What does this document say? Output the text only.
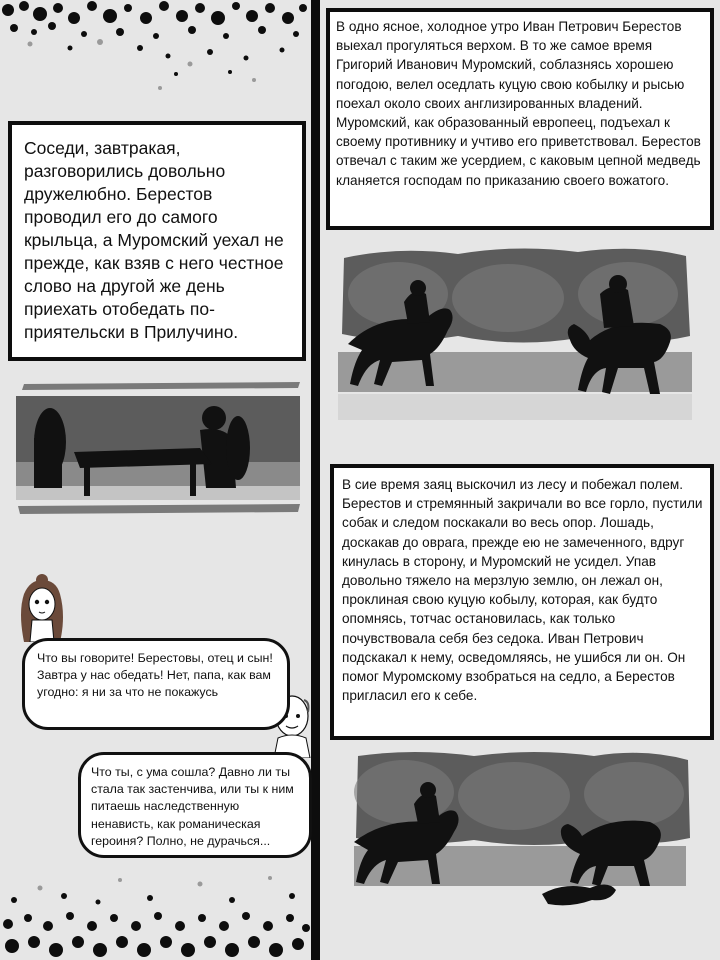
В одно ясное, холодное утро Иван Петрович Берестов выехал прогуляться верхом. В то же самое время Григорий Иванович Муромский, соблазнясь хорошею погодою, велел оседлать куцую свою кобылку и рысью поехал около своих англизированных владений. Муромский, как образованный европеец, подъехал к своему противнику и учтиво его приветствовал. Берестов отвечал с таким же усердием, с каковым цепной медведь кланяется господам по приказанию своего вожатого.
Соседи, завтракая, разговорились довольно дружелюбно. Берестов проводил его до самого крыльца, а Муромский уехал не прежде, как взяв с него честное слово на другой же день приехать отобедать по-приятельски в Прилучино.
В сие время заяц выскочил из лесу и побежал полем. Берестов и стремянный закричали во все горло, пустили собак и следом поскакали во весь опор. Лошадь, доскакав до оврага, прежде ею не замеченного, вдруг кинулась в сторону, и Муромский не усидел. Упав довольно тяжело на мерзлую землю, он лежал он, проклиная свою куцую кобылу, которая, как будто опомнясь, тотчас остановилась, как только почувствовала себя без седока. Иван Петрович подскакал к нему, осведомляясь, не ушибся ли он. Он помог Муромскому взобраться на седло, а Берестов пригласил его к себе.
Что вы говорите! Берестовы, отец и сын! Завтра у нас обедать! Нет, папа, как вам угодно: я ни за что не покажусь
Что ты, с ума сошла? Давно ли ты стала так застенчива, или ты к ним питаешь наследственную ненависть, как романическая героиня? Полно, не дурачься...
